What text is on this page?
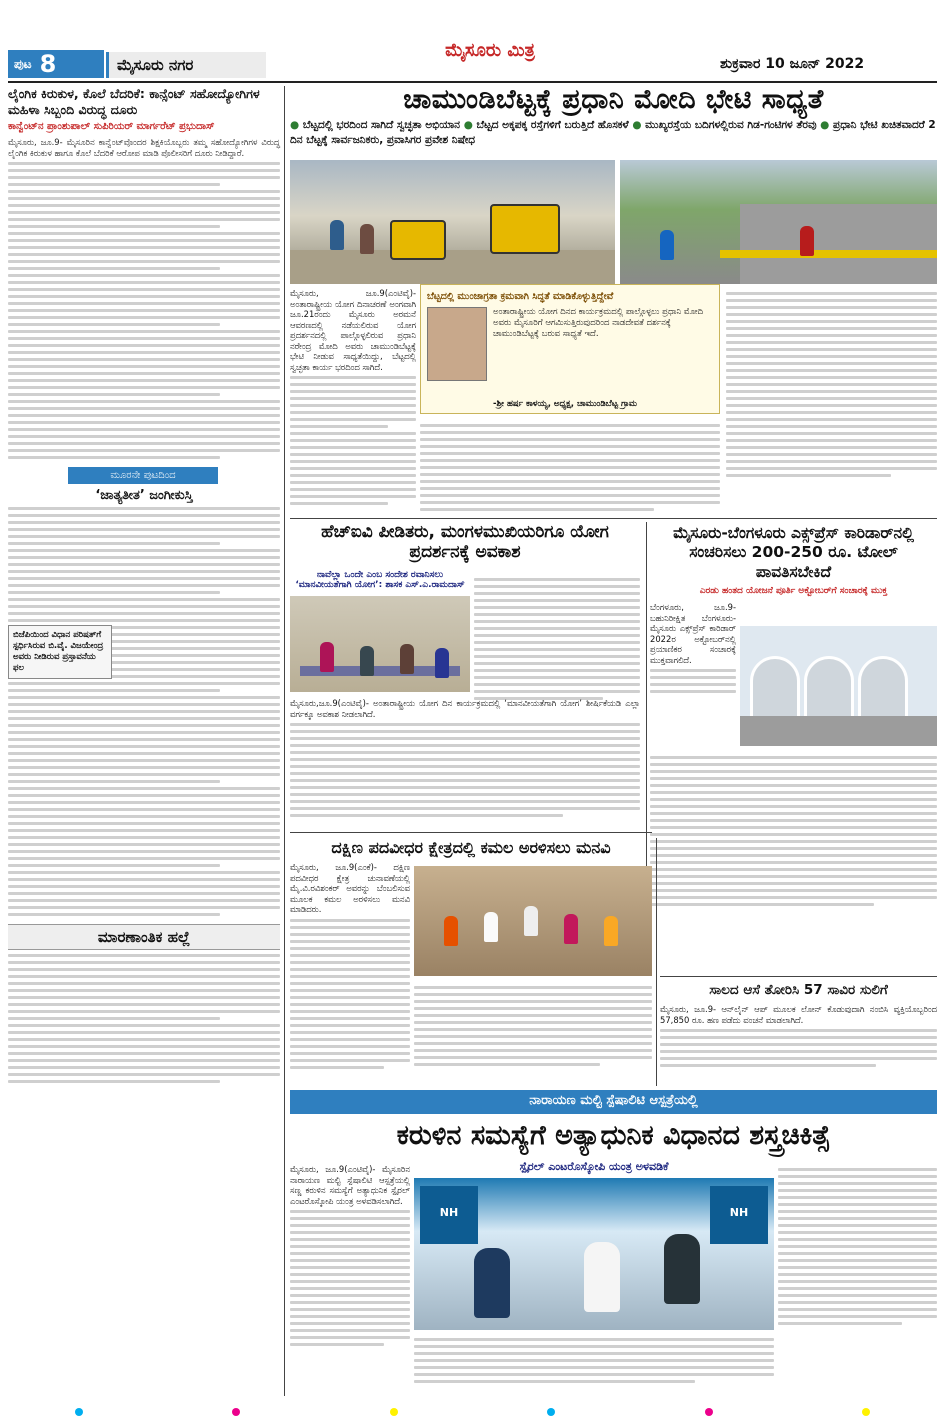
ಪುಟ 8	ಮೈಸೂರು ನಗರ
ಮೈಸೂರು ಮಿತ್ರ
ಶುಕ್ರವಾರ 10 ಜೂನ್ 2022
ಲೈಂಗಿಕ ಕಿರುಕುಳ, ಕೊಲೆ ಬೆದರಿಕೆ: ಕಾನ್ಸೆಂಟ್ ಸಹೋದ್ಯೋಗಿಗಳ ಮಹಿಳಾ ಸಿಬ್ಬಂದಿ ವಿರುದ್ಧ ದೂರು
ಕಾನ್ವೆಂಟ್‌ನ ಪ್ರಾಂಶುಪಾಲ್ ಸುಪಿರಿಯರ್ ಮಾರ್ಗರೆಟ್ ಪ್ರಭುದಾಸ್

ಮೈಸೂರು, ಜೂ.9- ಮೈಸೂರಿನ ಕಾನ್ವೆಂಟ್‌ವೊಂದರ ಶಿಕ್ಷಕಿಯೊಬ್ಬರು ತಮ್ಮ ಸಹೋದ್ಯೋಗಿಗಳ ವಿರುದ್ಧ ಲೈಂಗಿಕ ಕಿರುಕುಳ ಹಾಗೂ ಕೊಲೆ ಬೆದರಿಕೆ ಆರೋಪ ಮಾಡಿ ಪೊಲೀಸರಿಗೆ ದೂರು ನೀಡಿದ್ದಾರೆ.

ಮೂರನೇ ಪುಟದಿಂದ
‘ಜಾತ್ಯತೀತ’ ಜಂಗೀಕುಸ್ತಿ
ಬಿಜೆಪಿಯಿಂದ ವಿಧಾನ ಪರಿಷತ್‌ಗೆ ಸ್ಪರ್ಧಿಸಿರುವ ಬಿ.ವೈ. ವಿಜಯೇಂದ್ರ ಅವರು ನೀಡಿರುವ ಪ್ರಸ್ತಾವನೆಯ ಫಲ
ಮಾರಣಾಂತಿಕ ಹಲ್ಲೆ
ಚಾಮುಂಡಿಬೆಟ್ಟಕ್ಕೆ ಪ್ರಧಾನಿ ಮೋದಿ ಭೇಟಿ ಸಾಧ್ಯತೆ
● ಬೆಟ್ಟದಲ್ಲಿ ಭರದಿಂದ ಸಾಗಿದೆ ಸ್ವಚ್ಛತಾ ಅಭಿಯಾನ ● ಬೆಟ್ಟದ ಅಕ್ಕಪಕ್ಕ ರಸ್ತೆಗಳಿಗೆ ಬರುತ್ತಿದೆ ಹೊಸಕಳೆ ● ಮುಖ್ಯರಸ್ತೆಯ ಬದಿಗಳಲ್ಲಿರುವ ಗಿಡ-ಗಂಟಿಗಳ ತೆರವು ● ಪ್ರಧಾನಿ ಭೇಟಿ ಖಚಿತವಾದರೆ 2 ದಿನ ಬೆಟ್ಟಕ್ಕೆ ಸಾರ್ವಜನಿಕರು, ಪ್ರವಾಸಿಗರ ಪ್ರವೇಶ ನಿಷೇಧ
ಬೆಟ್ಟದಲ್ಲಿ ಮುಂಜಾಗ್ರತಾ ಕ್ರಮವಾಗಿ ಸಿದ್ಧತೆ ಮಾಡಿಕೊಳ್ಳುತ್ತಿದ್ದೇವೆ
ಅಂತಾರಾಷ್ಟ್ರೀಯ ಯೋಗ ದಿನದ ಕಾರ್ಯಕ್ರಮದಲ್ಲಿ ಪಾಲ್ಗೊಳ್ಳಲು ಪ್ರಧಾನಿ ಮೋದಿ ಅವರು ಮೈಸೂರಿಗೆ ಆಗಮಿಸುತ್ತಿರುವುದರಿಂದ ನಾಡದೇವತೆ ದರ್ಶನಕ್ಕೆ ಚಾಮುಂಡಿಬೆಟ್ಟಕ್ಕೆ ಬರುವ ಸಾಧ್ಯತೆ ಇದೆ.
-ಶ್ರೀ ಹರ್ಷ ಕಾಳಯ್ಯ, ಅಧ್ಯಕ್ಷ, ಚಾಮುಂಡಿಬೆಟ್ಟ ಗ್ರಾಮ
ಮೈಸೂರು, ಜೂ.9(ಎಂಟಿವೈ)- ಅಂತಾರಾಷ್ಟ್ರೀಯ ಯೋಗ ದಿನಾಚರಣೆ ಅಂಗವಾಗಿ ಜೂ.21ರಂದು ಮೈಸೂರು ಅರಮನೆ ಆವರಣದಲ್ಲಿ ನಡೆಯಲಿರುವ ಯೋಗ ಪ್ರದರ್ಶನದಲ್ಲಿ ಪಾಲ್ಗೊಳ್ಳಲಿರುವ ಪ್ರಧಾನಿ ನರೇಂದ್ರ ಮೋದಿ ಅವರು ಚಾಮುಂಡಿಬೆಟ್ಟಕ್ಕೆ ಭೇಟಿ ನೀಡುವ ಸಾಧ್ಯತೆಯಿದ್ದು, ಬೆಟ್ಟದಲ್ಲಿ ಸ್ವಚ್ಛತಾ ಕಾರ್ಯ ಭರದಿಂದ ಸಾಗಿದೆ.
ಹೆಚ್‌ಐವಿ ಪೀಡಿತರು, ಮಂಗಳಮುಖಿಯರಿಗೂ ಯೋಗ ಪ್ರದರ್ಶನಕ್ಕೆ ಅವಕಾಶ
ನಾವೆಲ್ಲಾ ಒಂದೇ ಎಂಬ ಸಂದೇಶ ರವಾನಿಸಲು ‘ಮಾನವೀಯತೆಗಾಗಿ ಯೋಗ’: ಶಾಸಕ ಎಸ್.ಎ.ರಾಮದಾಸ್
ಮೈಸೂರು,ಜೂ.9(ಎಂಟಿವೈ)- ಅಂತಾರಾಷ್ಟ್ರೀಯ ಯೋಗ ದಿನ ಕಾರ್ಯಕ್ರಮದಲ್ಲಿ ‘ಮಾನವೀಯತೆಗಾಗಿ ಯೋಗ’ ಶೀರ್ಷಿಕೆಯಡಿ ಎಲ್ಲಾ ವರ್ಗಕ್ಕೂ ಅವಕಾಶ ನೀಡಲಾಗಿದೆ.
ಮೈಸೂರು-ಬೆಂಗಳೂರು ಎಕ್ಸ್‌ಪ್ರೆಸ್ ಕಾರಿಡಾರ್‌ನಲ್ಲಿ ಸಂಚರಿಸಲು 200-250 ರೂ. ಟೋಲ್ ಪಾವತಿಸಬೇಕಿದೆ
ಎರಡು ಹಂತದ ಯೋಜನೆ ಪೂರ್ತಿ ಅಕ್ಟೋಬರ್‌ಗೆ ಸಂಚಾರಕ್ಕೆ ಮುಕ್ತ
ಬೆಂಗಳೂರು, ಜೂ.9- ಬಹುನಿರೀಕ್ಷಿತ ಬೆಂಗಳೂರು-ಮೈಸೂರು ಎಕ್ಸ್‌ಪ್ರೆಸ್ ಕಾರಿಡಾರ್ 2022ರ ಅಕ್ಟೋಬರ್‌ನಲ್ಲಿ ಪ್ರಯಾಣಿಕರ ಸಂಚಾರಕ್ಕೆ ಮುಕ್ತವಾಗಲಿದೆ.
ದಕ್ಷಿಣ ಪದವೀಧರ ಕ್ಷೇತ್ರದಲ್ಲಿ ಕಮಲ ಅರಳಿಸಲು ಮನವಿ
ಮೈಸೂರು, ಜೂ.9(ಎಂಕೆ)- ದಕ್ಷಿಣ ಪದವೀಧರ ಕ್ಷೇತ್ರ ಚುನಾವಣೆಯಲ್ಲಿ ಮೈ.ವಿ.ರವಿಶಂಕರ್ ಅವರನ್ನು ಬೆಂಬಲಿಸುವ ಮೂಲಕ ಕಮಲ ಅರಳಿಸಲು ಮನವಿ ಮಾಡಿದರು.
ಸಾಲದ ಆಸೆ ತೋರಿಸಿ 57 ಸಾವಿರ ಸುಲಿಗೆ
ಮೈಸೂರು, ಜೂ.9- ಆನ್‌ಲೈನ್ ಆಪ್ ಮೂಲಕ ಲೋನ್ ಕೊಡುವುದಾಗಿ ನಂಬಿಸಿ ವ್ಯಕ್ತಿಯೊಬ್ಬರಿಂದ 57,850 ರೂ. ಹಣ ಪಡೆದು ವಂಚನೆ ಮಾಡಲಾಗಿದೆ.
ನಾರಾಯಣ ಮಲ್ಟಿ ಸ್ಪೆಷಾಲಿಟಿ ಆಸ್ಪತ್ರೆಯಲ್ಲಿ
ಕರುಳಿನ ಸಮಸ್ಯೆಗೆ ಅತ್ಯಾಧುನಿಕ ವಿಧಾನದ ಶಸ್ತ್ರಚಿಕಿತ್ಸೆ
ಮೈಸೂರು, ಜೂ.9(ಎಂಟಿವೈ)- ಮೈಸೂರಿನ ನಾರಾಯಣ ಮಲ್ಟಿ ಸ್ಪೆಷಾಲಿಟಿ ಆಸ್ಪತ್ರೆಯಲ್ಲಿ ಸಣ್ಣ ಕರುಳಿನ ಸಮಸ್ಯೆಗೆ ಅತ್ಯಾಧುನಿಕ ಸ್ಪೈರಲ್ ಎಂಟರೊಸ್ಕೋಪಿ ಯಂತ್ರ ಅಳವಡಿಸಲಾಗಿದೆ.
ಸ್ಪೈರಲ್ ಎಂಟರೊಸ್ಕೋಪಿ ಯಂತ್ರ ಅಳವಡಿಕೆ
NH	NH
